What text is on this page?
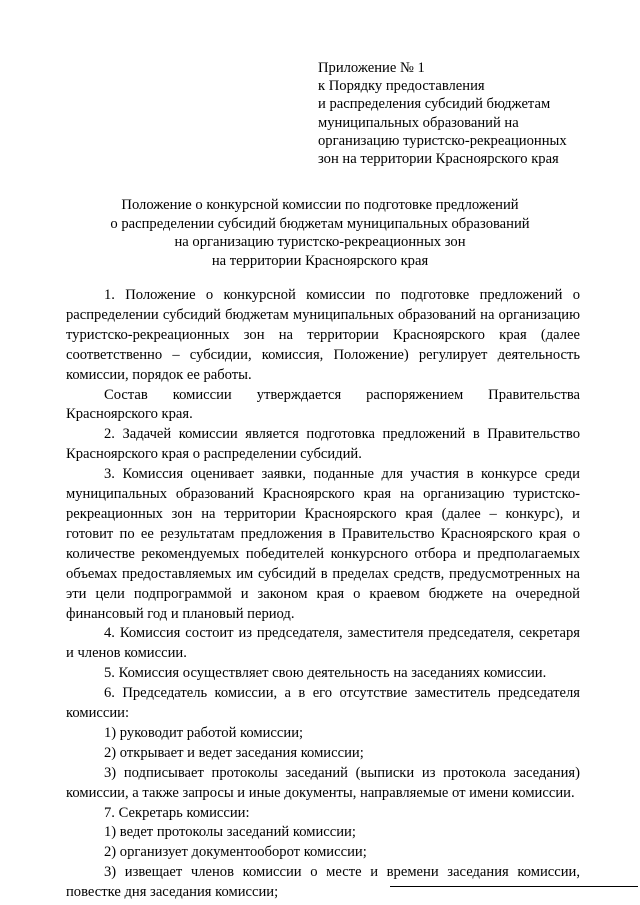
Приложение № 1
к Порядку предоставления
и распределения субсидий бюджетам
муниципальных образований на
организацию туристско-рекреационных
зон на территории Красноярского края
Положение о конкурсной комиссии по подготовке предложений
о распределении субсидий бюджетам муниципальных образований
на организацию туристско-рекреационных зон
на территории Красноярского края

1. Положение о конкурсной комиссии по подготовке предложений о распределении субсидий бюджетам муниципальных образований на организацию туристско-рекреационных зон на территории Красноярского края (далее соответственно – субсидии, комиссия, Положение) регулирует деятельность комиссии, порядок ее работы.

Состав комиссии утверждается распоряжением Правительства Красноярского края.

2. Задачей комиссии является подготовка предложений в Правительство Красноярского края о распределении субсидий.

3. Комиссия оценивает заявки, поданные для участия в конкурсе среди муниципальных образований Красноярского края на организацию туристско-рекреационных зон на территории Красноярского края (далее – конкурс), и готовит по ее результатам предложения в Правительство Красноярского края о количестве рекомендуемых победителей конкурсного отбора и предполагаемых объемах предоставляемых им субсидий в пределах средств, предусмотренных на эти цели подпрограммой и законом края о краевом бюджете на очередной финансовый год и плановый период.

4. Комиссия состоит из председателя, заместителя председателя, секретаря и членов комиссии.

5. Комиссия осуществляет свою деятельность на заседаниях комиссии.

6. Председатель комиссии, а в его отсутствие заместитель председателя комиссии:

1) руководит работой комиссии;

2) открывает и ведет заседания комиссии;

3) подписывает протоколы заседаний (выписки из протокола заседания) комиссии, а также запросы и иные документы, направляемые от имени комиссии.

7. Секретарь комиссии:

1) ведет протоколы заседаний комиссии;

2) организует документооборот комиссии;

3) извещает членов комиссии о месте и времени заседания комиссии, повестке дня заседания комиссии;
